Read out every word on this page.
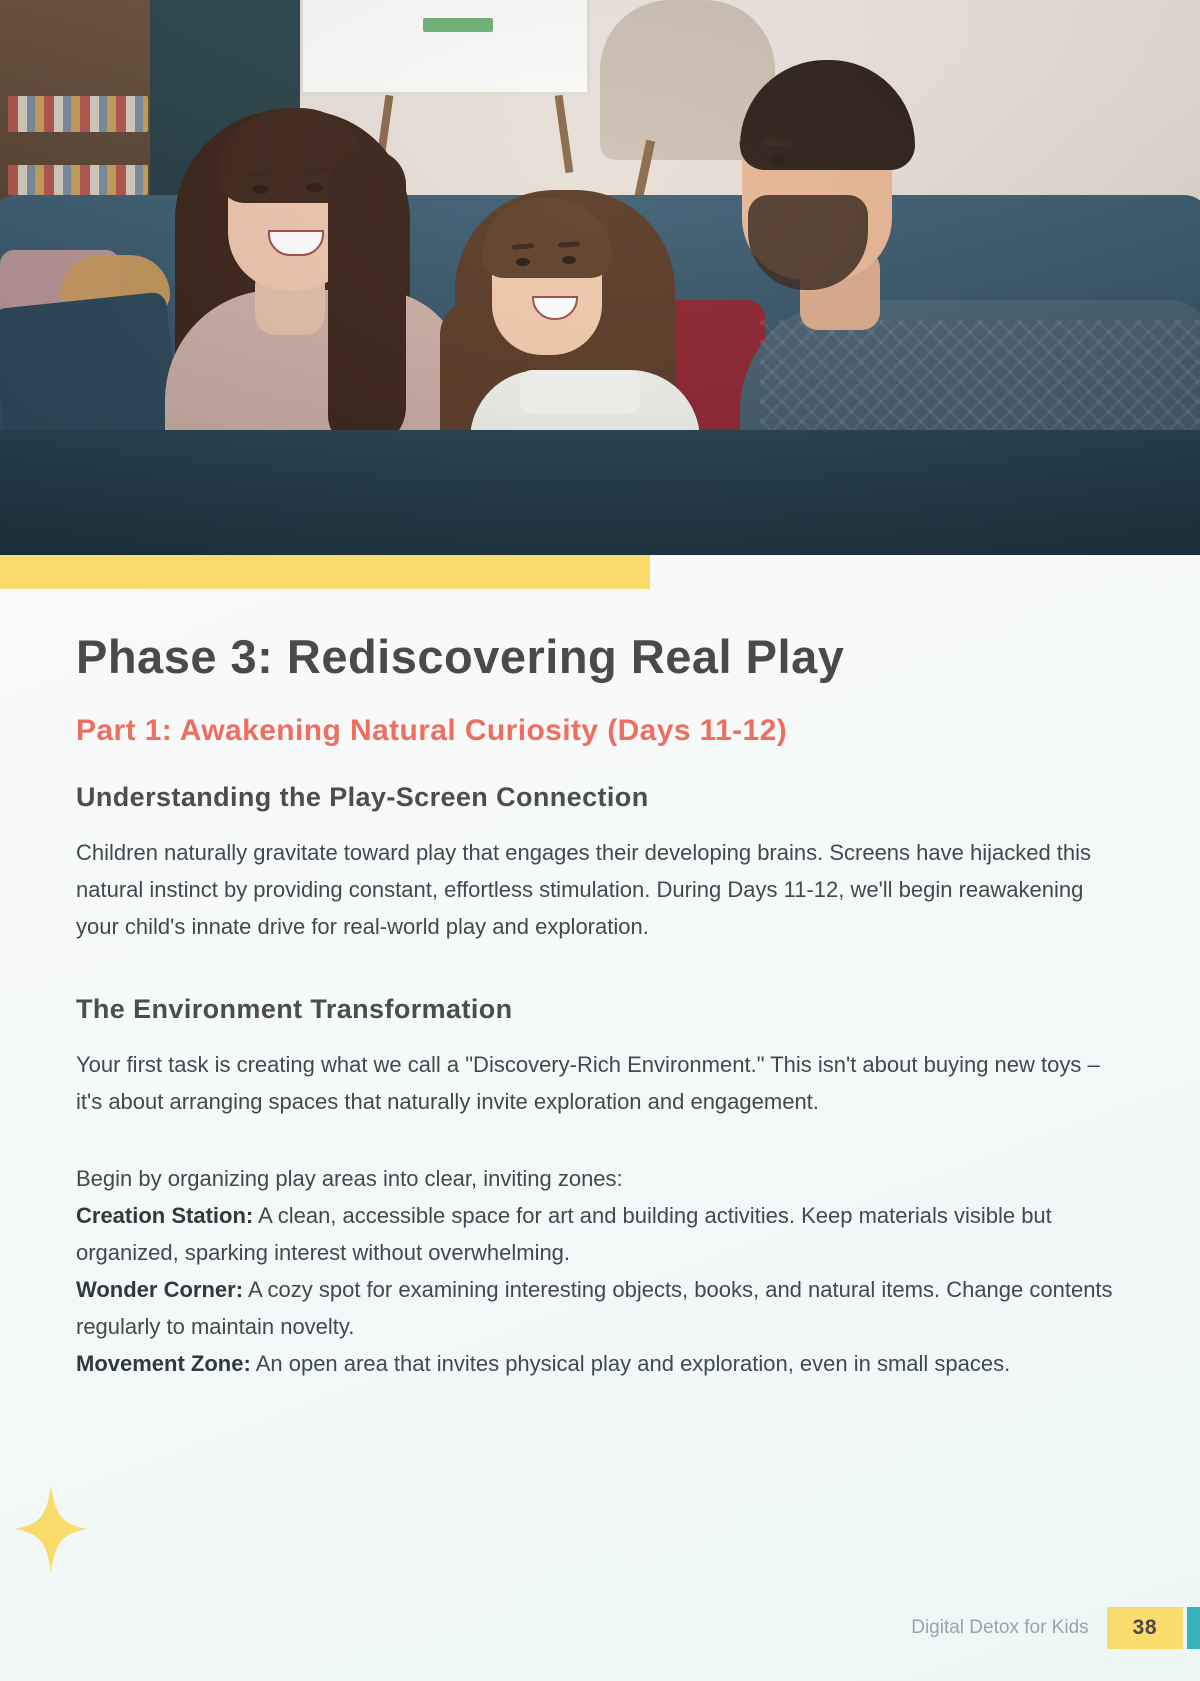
Phase 3: Rediscovering Real Play
Part 1: Awakening Natural Curiosity (Days 11-12)
Understanding the Play-Screen Connection

Children naturally gravitate toward play that engages their developing brains. Screens have hijacked this natural instinct by providing constant, effortless stimulation. During Days 11-12, we'll begin reawakening your child's innate drive for real-world play and exploration.

The Environment Transformation

Your first task is creating what we call a "Discovery-Rich Environment." This isn't about buying new toys – it's about arranging spaces that naturally invite exploration and engagement.

Begin by organizing play areas into clear, inviting zones:

Creation Station: A clean, accessible space for art and building activities. Keep materials visible but organized, sparking interest without overwhelming.

Wonder Corner: A cozy spot for examining interesting objects, books, and natural items. Change contents regularly to maintain novelty.

Movement Zone: An open area that invites physical play and exploration, even in small spaces.

Digital Detox for Kids	38
